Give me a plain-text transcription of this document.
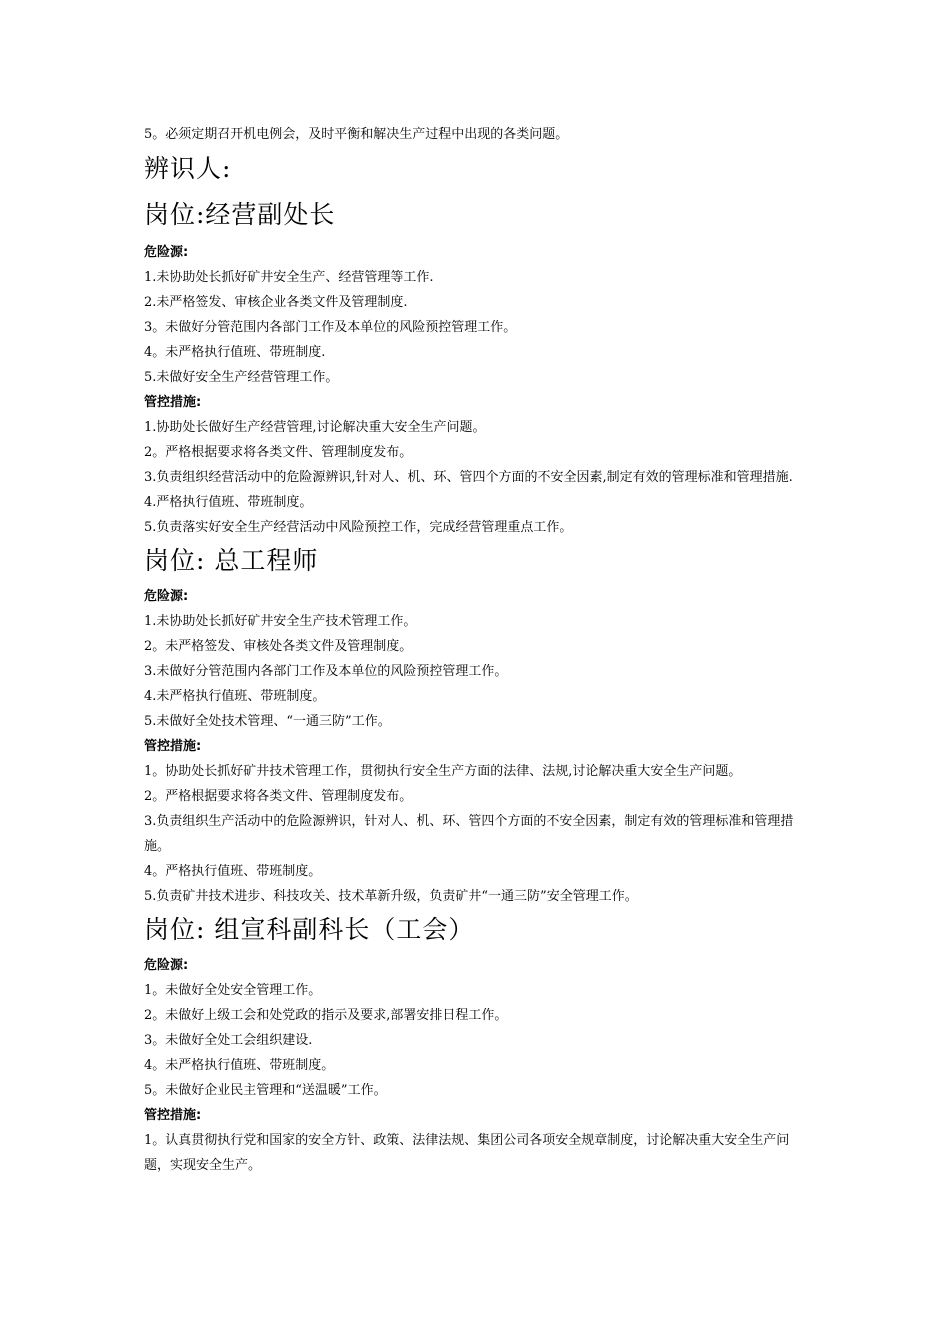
5。必须定期召开机电例会，及时平衡和解决生产过程中出现的各类问题。
辨识人:
岗位:经营副处长
危险源:
1.未协助处长抓好矿井安全生产、经营管理等工作.
2.未严格签发、审核企业各类文件及管理制度.
3。未做好分管范围内各部门工作及本单位的风险预控管理工作。
4。未严格执行值班、带班制度.
5.未做好安全生产经营管理工作。
管控措施:
1.协助处长做好生产经营管理,讨论解决重大安全生产问题。
2。严格根据要求将各类文件、管理制度发布。
3.负责组织经营活动中的危险源辨识,针对人、机、环、管四个方面的不安全因素,制定有效的管理标准和管理措施.
4.严格执行值班、带班制度。
5.负责落实好安全生产经营活动中风险预控工作，完成经营管理重点工作。
岗位: 总工程师
危险源:
1.未协助处长抓好矿井安全生产技术管理工作。
2。未严格签发、审核处各类文件及管理制度。
3.未做好分管范围内各部门工作及本单位的风险预控管理工作。
4.未严格执行值班、带班制度。
5.未做好全处技术管理、“一通三防”工作。
管控措施:
1。协助处长抓好矿井技术管理工作，贯彻执行安全生产方面的法律、法规,讨论解决重大安全生产问题。
2。严格根据要求将各类文件、管理制度发布。
3.负责组织生产活动中的危险源辨识，针对人、机、环、管四个方面的不安全因素，制定有效的管理标准和管理措施。
4。严格执行值班、带班制度。
5.负责矿井技术进步、科技攻关、技术革新升级，负责矿井“一通三防”安全管理工作。
岗位: 组宣科副科长（工会）
危险源:
1。未做好全处安全管理工作。
2。未做好上级工会和处党政的指示及要求,部署安排日程工作。
3。未做好全处工会组织建设.
4。未严格执行值班、带班制度。
5。未做好企业民主管理和“送温暖”工作。
管控措施:
1。认真贯彻执行党和国家的安全方针、政策、法律法规、集团公司各项安全规章制度，讨论解决重大安全生产问题，实现安全生产。
